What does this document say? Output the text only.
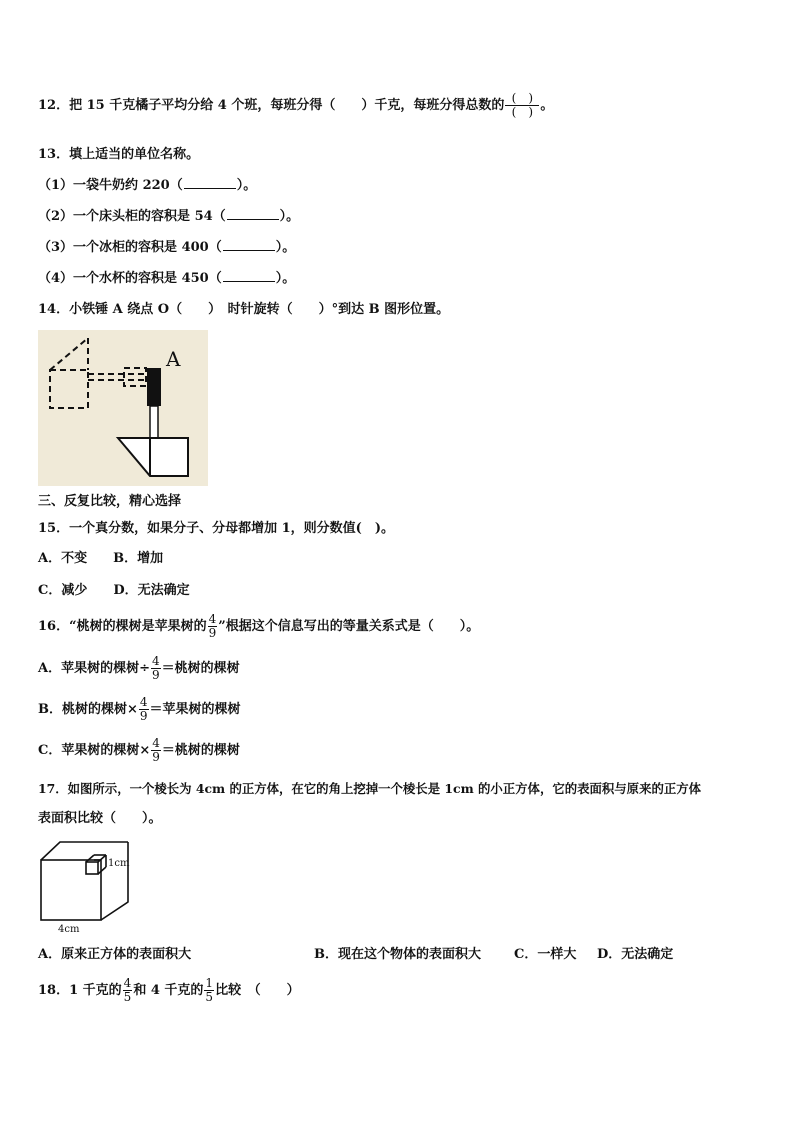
12．把 15 千克橘子平均分给 4 个班，每班分得（　　）千克，每班分得总数的 $\frac{( )}{( )}$ 。
13．填上适当的单位名称。
（1）一袋牛奶约 220（	）。
（2）一个床头柜的容积是 54（	）。
（3）一个冰柜的容积是 400（	）。
（4）一个水杯的容积是 450（	）。
14．小铁锤 A 绕点 O（　　）　时针旋转（　　）°到达 B 图形位置。
A
三、反复比较，精心选择
15．一个真分数，如果分子、分母都增加 1，则分数值(　)。
A．不变　　B．增加
C．减少　　D．无法确定
16．“桃树的棵树是苹果树的 $\frac{4}{9}$ ”根据这个信息写出的等量关系式是（　　）。
A．苹果树的棵树÷ $\frac{4}{9}$ ＝桃树的棵树
B．桃树的棵树× $\frac{4}{9}$ ＝苹果树的棵树
C．苹果树的棵树× $\frac{4}{9}$ ＝桃树的棵树
17．如图所示，一个棱长为 4cm 的正方体，在它的角上挖掉一个棱长是 1cm 的小正方体，它的表面积与原来的正方体
表面积比较（　　）。
1cm
4cm
A．原来正方体的表面积大	B．现在这个物体的表面积大	C．一样大 D．无法确定
18．1 千克的 $\frac{4}{5}$ 和 4 千克的 $\frac{1}{5}$ 比较　（　　）
